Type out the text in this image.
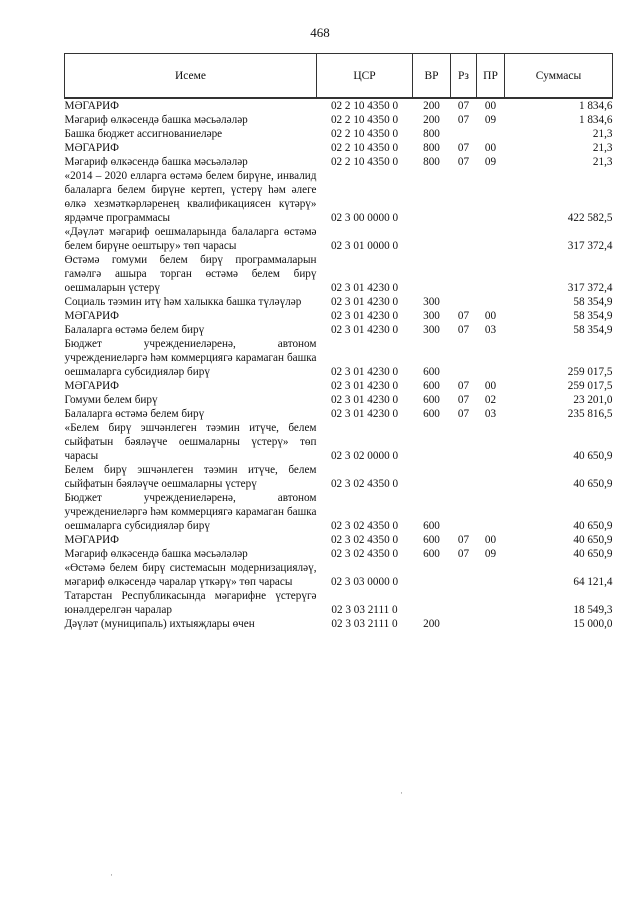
468
Исеме	ЦСР	ВР	Рз	ПР	Суммасы
МӘГАРИФ	02 2 10 4350 0	200	07	00	1 834,6
Мәгариф өлкәсендә башка мәсьәләләр	02 2 10 4350 0	200	07	09	1 834,6
Башка бюджет ассигнованиеләре	02 2 10 4350 0	800			21,3
МӘГАРИФ	02 2 10 4350 0	800	07	00	21,3
Мәгариф өлкәсендә башка мәсьәләләр	02 2 10 4350 0	800	07	09	21,3
«2014 – 2020 елларга өстәмә белем бирүне, инвалид балаларга белем бирүне кертеп, үстерү һәм әлеге өлкә хезмәткәрләренең квалификациясен күтәрү» ярдәмче программасы	02 3 00 0000 0				422 582,5
«Дәүләт мәгариф оешмаларында балаларга өстәмә белем бирүне оештыру» төп чарасы	02 3 01 0000 0				317 372,4
Өстәмә гомуми белем бирү программаларын гамәлгә ашыра торган өстәмә белем бирү оешмаларын үстерү	02 3 01 4230 0				317 372,4
Социаль тәэмин итү һәм халыкка башка түләүләр	02 3 01 4230 0	300			58 354,9
МӘГАРИФ	02 3 01 4230 0	300	07	00	58 354,9
Балаларга өстәмә белем бирү	02 3 01 4230 0	300	07	03	58 354,9
Бюджет учреждениеләренә, автоном учреждениеләргә һәм коммерциягә карамаган башка оешмаларга субсидияләр бирү	02 3 01 4230 0	600			259 017,5
МӘГАРИФ	02 3 01 4230 0	600	07	00	259 017,5
Гомуми белем бирү	02 3 01 4230 0	600	07	02	23 201,0
Балаларга өстәмә белем бирү	02 3 01 4230 0	600	07	03	235 816,5
«Белем бирү эшчәнлеген тәэмин итүче, белем сыйфатын бәяләүче оешмаларны үстерү» төп чарасы	02 3 02 0000 0				40 650,9
Белем бирү эшчәнлеген тәэмин итүче, белем сыйфатын бәяләүче оешмаларны үстерү	02 3 02 4350 0				40 650,9
Бюджет учреждениеләренә, автоном учреждениеләргә һәм коммерциягә карамаган башка оешмаларга субсидияләр бирү	02 3 02 4350 0	600			40 650,9
МӘГАРИФ	02 3 02 4350 0	600	07	00	40 650,9
Мәгариф өлкәсендә башка мәсьәләләр	02 3 02 4350 0	600	07	09	40 650,9
«Өстәмә белем бирү системасын модернизацияләү, мәгариф өлкәсендә чаралар үткәрү» төп чарасы	02 3 03 0000 0				64 121,4
Татарстан Республикасында мәгарифне үстерүгә юнәлдерелгән чаралар	02 3 03 2111 0				18 549,3
Дәүләт (муниципаль) ихтыяҗлары өчен	02 3 03 2111 0	200			15 000,0
·
·
